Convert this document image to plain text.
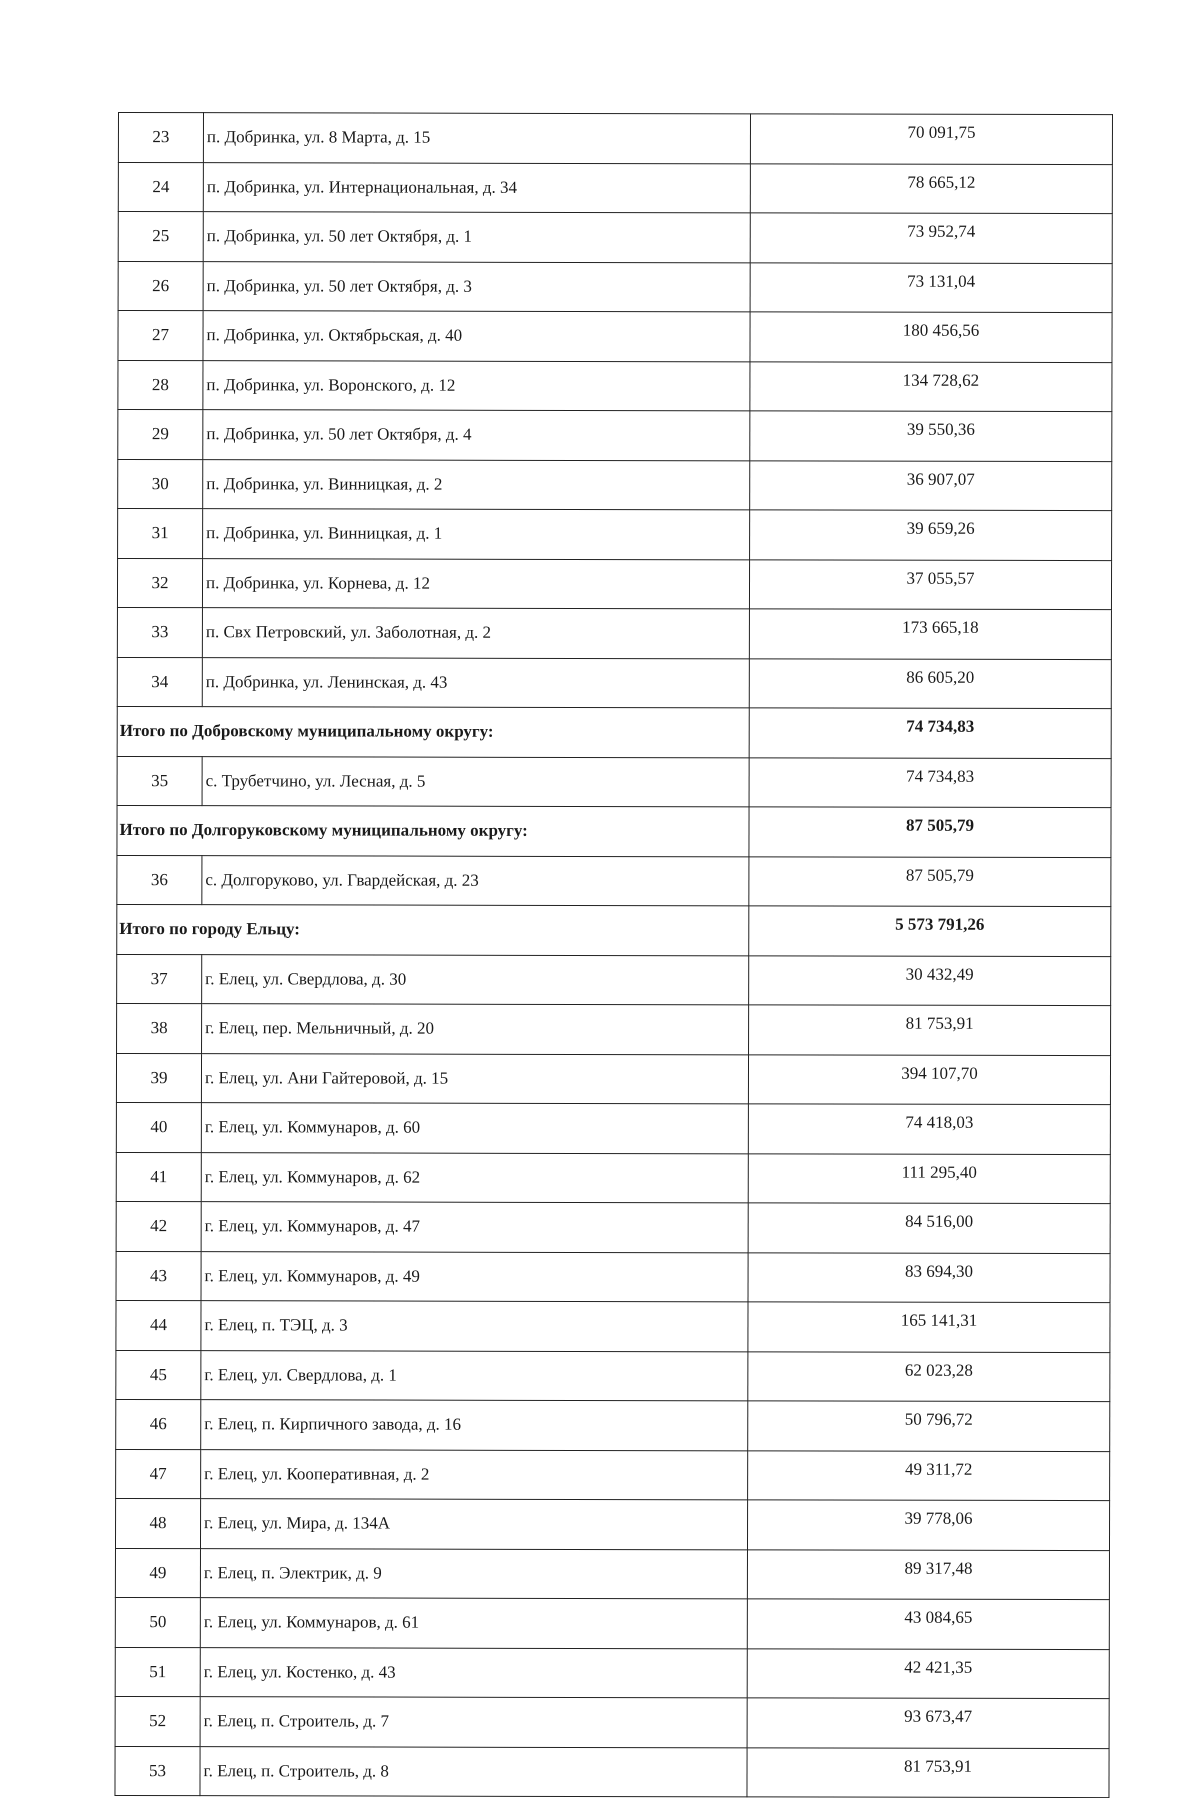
23	п. Добринка, ул. 8 Марта, д. 15	70 091,75
24	п. Добринка, ул. Интернациональная, д. 34	78 665,12
25	п. Добринка, ул. 50 лет Октября, д. 1	73 952,74
26	п. Добринка, ул. 50 лет Октября, д. 3	73 131,04
27	п. Добринка, ул. Октябрьская, д. 40	180 456,56
28	п. Добринка, ул. Воронского, д. 12	134 728,62
29	п. Добринка, ул. 50 лет Октября, д. 4	39 550,36
30	п. Добринка, ул. Винницкая, д. 2	36 907,07
31	п. Добринка, ул. Винницкая, д. 1	39 659,26
32	п. Добринка, ул. Корнева, д. 12	37 055,57
33	п. Свх Петровский, ул. Заболотная, д. 2	173 665,18
34	п. Добринка, ул. Ленинская, д. 43	86 605,20
Итого по Добровскому муниципальному округу:		74 734,83
35	с. Трубетчино, ул. Лесная, д. 5	74 734,83
Итого по Долгоруковскому муниципальному округу:		87 505,79
36	с. Долгоруково, ул. Гвардейская, д. 23	87 505,79
Итого по городу Ельцу:		5 573 791,26
37	г. Елец, ул. Свердлова, д. 30	30 432,49
38	г. Елец, пер. Мельничный, д. 20	81 753,91
39	г. Елец, ул. Ани Гайтеровой, д. 15	394 107,70
40	г. Елец, ул. Коммунаров, д. 60	74 418,03
41	г. Елец, ул. Коммунаров, д. 62	111 295,40
42	г. Елец, ул. Коммунаров, д. 47	84 516,00
43	г. Елец, ул. Коммунаров, д. 49	83 694,30
44	г. Елец, п. ТЭЦ, д. 3	165 141,31
45	г. Елец, ул. Свердлова, д. 1	62 023,28
46	г. Елец, п. Кирпичного завода, д. 16	50 796,72
47	г. Елец, ул. Кооперативная, д. 2	49 311,72
48	г. Елец, ул. Мира, д. 134А	39 778,06
49	г. Елец, п. Электрик, д. 9	89 317,48
50	г. Елец, ул. Коммунаров, д. 61	43 084,65
51	г. Елец, ул. Костенко, д. 43	42 421,35
52	г. Елец, п. Строитель, д. 7	93 673,47
53	г. Елец, п. Строитель, д. 8	81 753,91
